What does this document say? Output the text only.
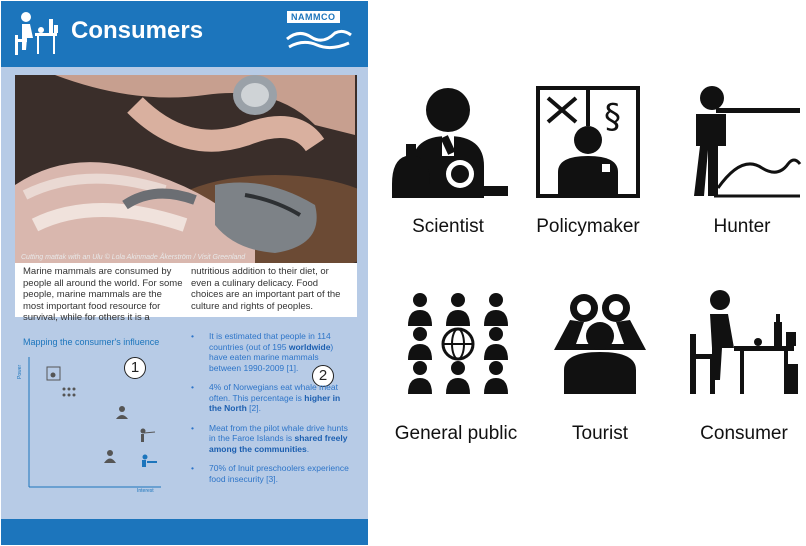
Consumers	NAMMCO
Cutting mattak with an Ulu © Lola Akinmade Åkerström / Visit Greenland
Marine mammals are consumed by people all around the world. For some people, marine mammals are the most important food resource for survival, while for others it is a
nutritious addition to their diet, or even a culinary delicacy. Food choices are an important part of the culture and rights of peoples.
Mapping the consumer's influence
Power
Interest
1	2
• It is estimated that people in 114 countries (out of 195 worldwide) have eaten marine mammals between 1990-2009 [1].
• 4% of Norwegians eat whale meat often. This percentage is higher in the North [2].
• Meat from the pilot whale drive hunts in the Faroe Islands is shared freely among the communities.
• 70% of Inuit preschoolers experience food insecurity [3].
Scientist
§
Policymaker	Hunter
General public	Tourist	Consumer
